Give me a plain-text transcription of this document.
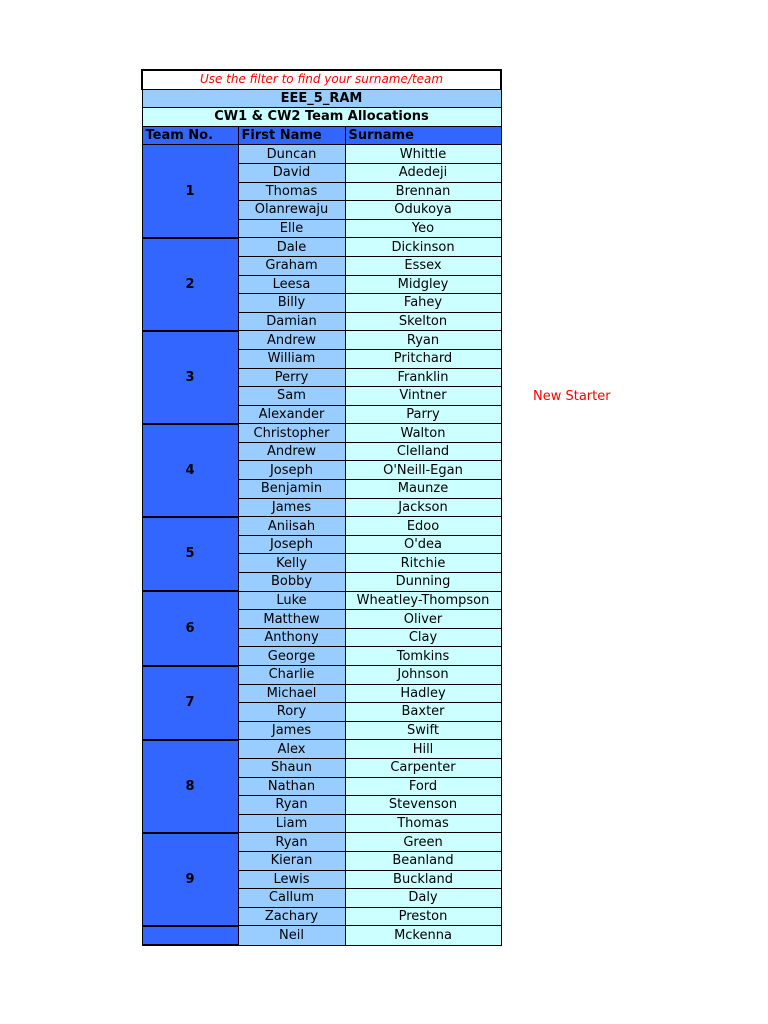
Use the filter to find your surname/team		
EEE_5_RAM		
CW1 & CW2 Team Allocations		
Team No.	First Name	Surname
1	Duncan	Whittle
	David	Adedeji
	Thomas	Brennan
	Olanrewaju	Odukoya
	Elle	Yeo
2	Dale	Dickinson
	Graham	Essex
	Leesa	Midgley
	Billy	Fahey
	Damian	Skelton
3	Andrew	Ryan
	William	Pritchard
	Perry	Franklin
	Sam	Vintner
	Alexander	Parry
4	Christopher	Walton
	Andrew	Clelland
	Joseph	O'Neill-Egan
	Benjamin	Maunze
	James	Jackson
5	Aniisah	Edoo
	Joseph	O'dea
	Kelly	Ritchie
	Bobby	Dunning
6	Luke	Wheatley-Thompson
	Matthew	Oliver
	Anthony	Clay
	George	Tomkins
7	Charlie	Johnson
	Michael	Hadley
	Rory	Baxter
	James	Swift
8	Alex	Hill
	Shaun	Carpenter
	Nathan	Ford
	Ryan	Stevenson
	Liam	Thomas
9	Ryan	Green
	Kieran	Beanland
	Lewis	Buckland
	Callum	Daly
	Zachary	Preston
	Neil	Mckenna
New Starter
